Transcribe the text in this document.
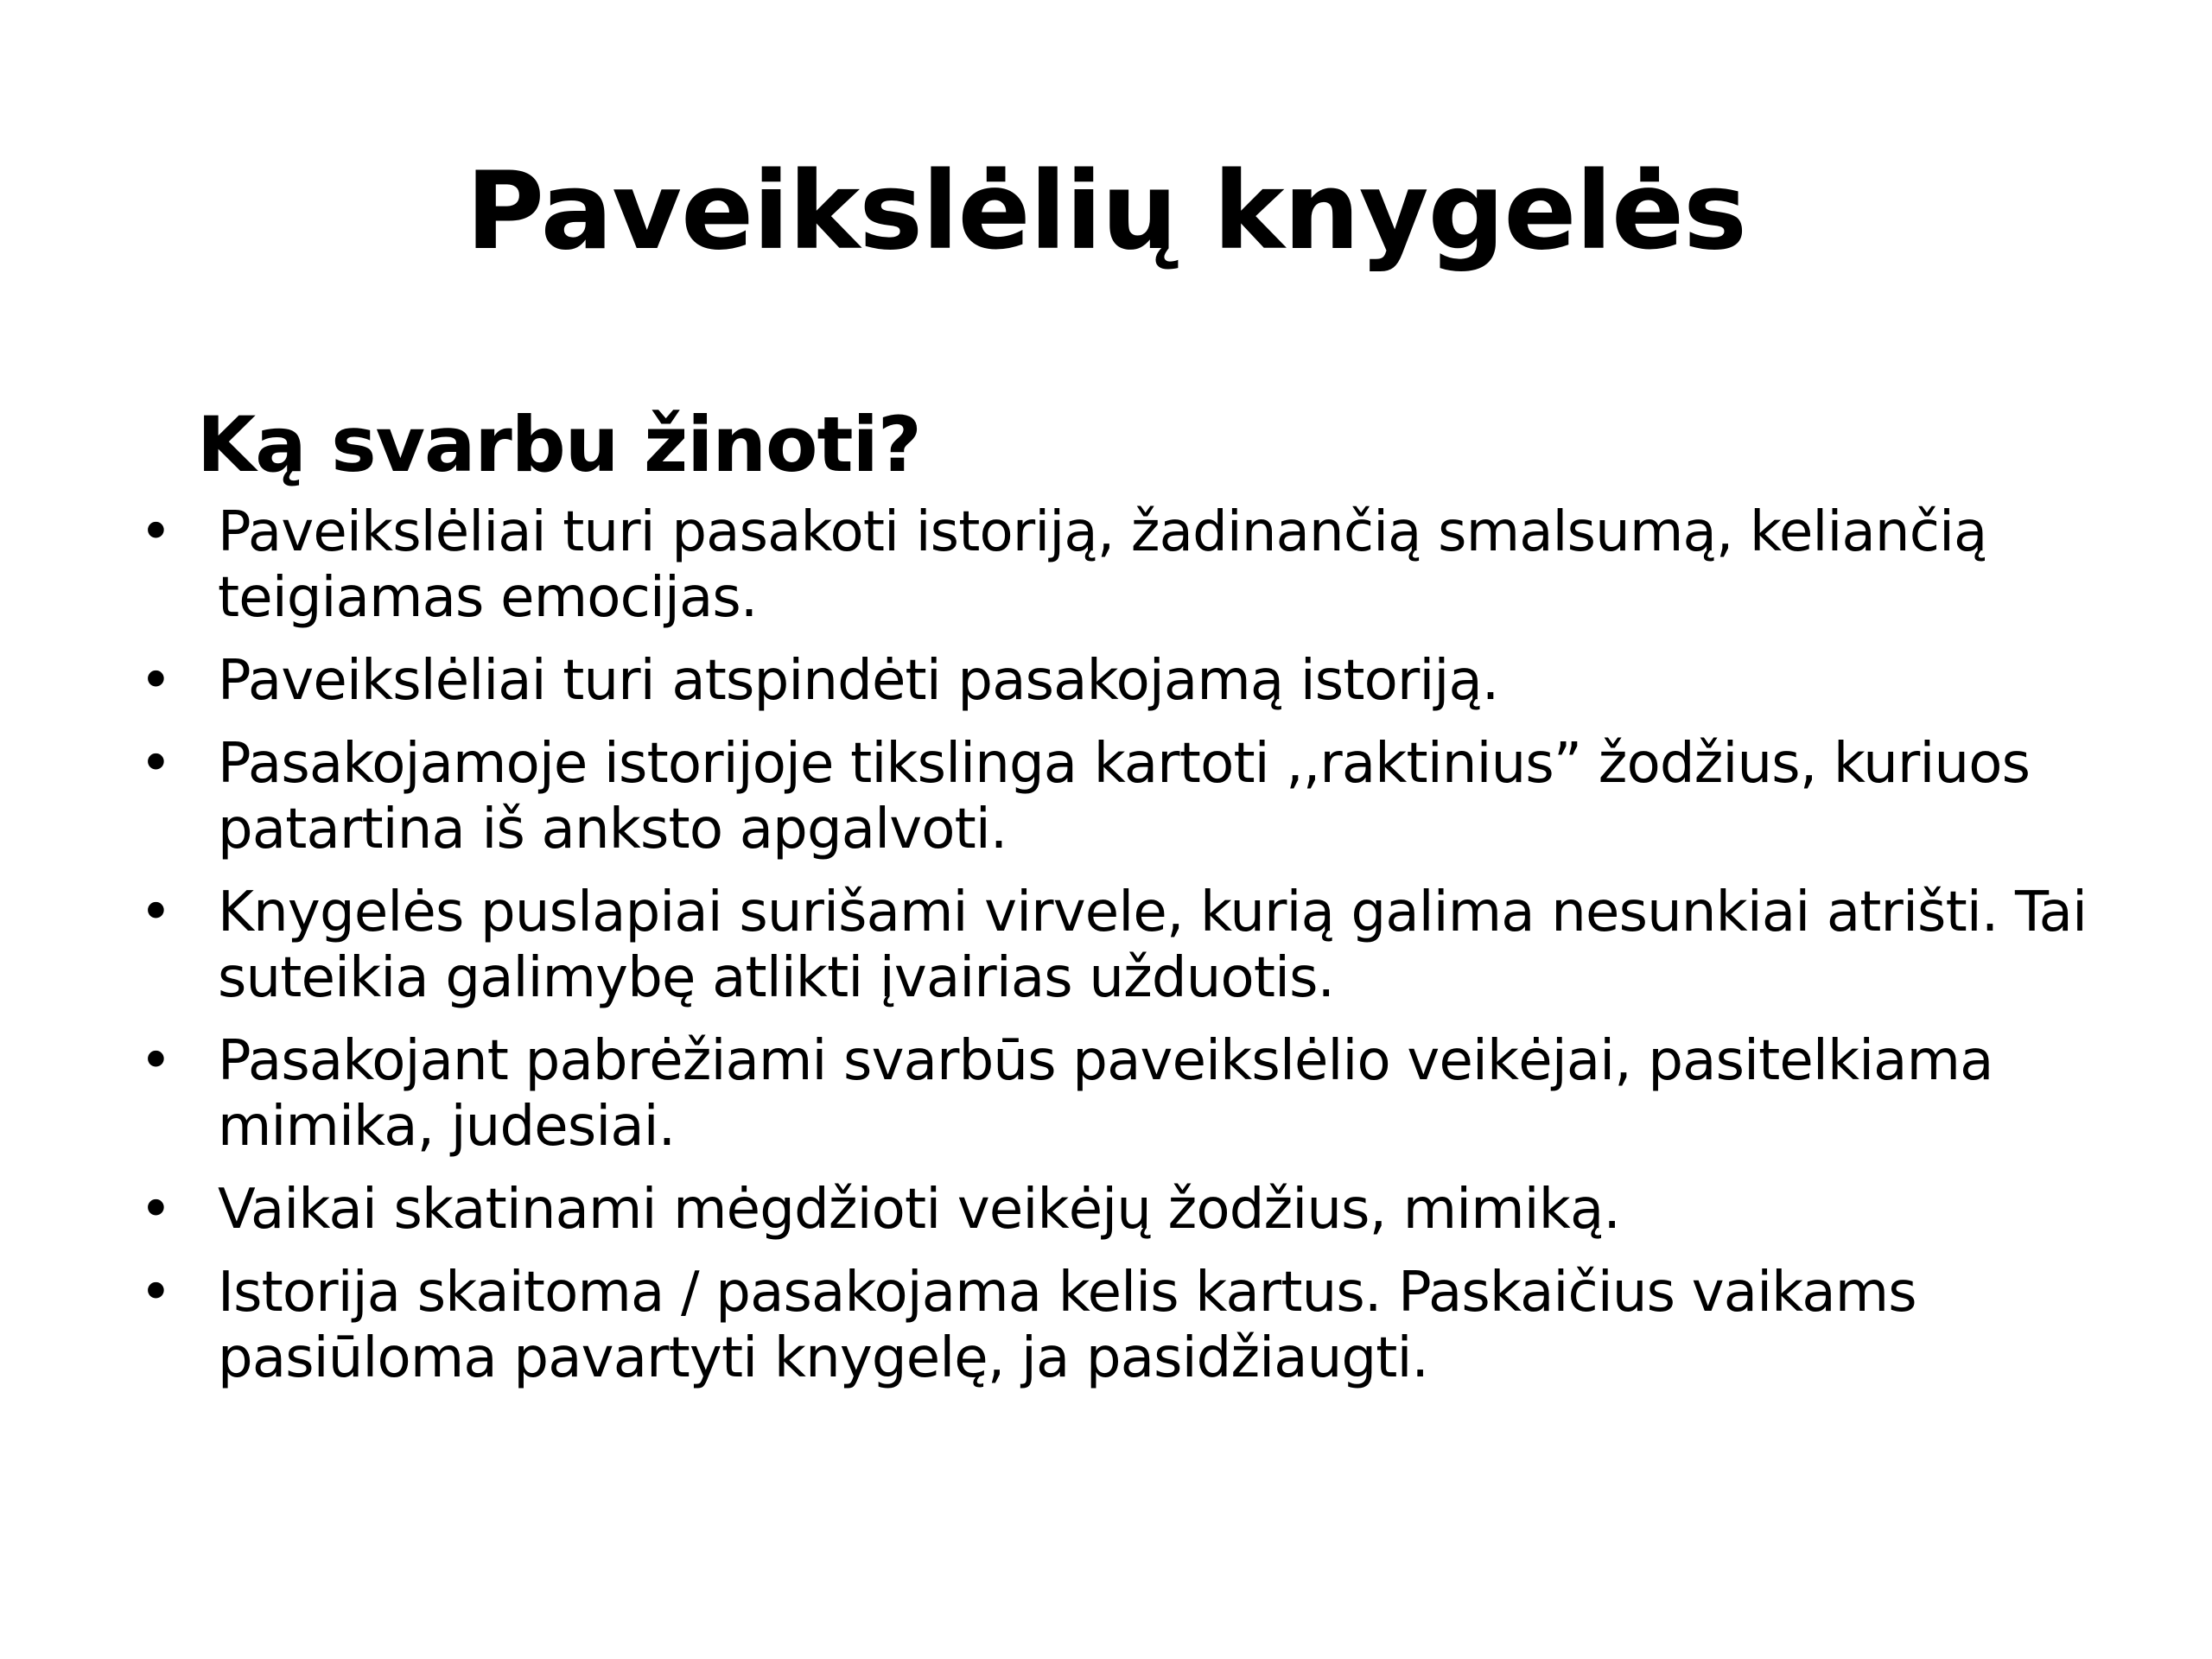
Paveikslėlių knygelės
Ką svarbu žinoti?
• Paveikslėliai turi pasakoti istoriją, žadinančią smalsumą, keliančią teigiamas emocijas.
• Paveikslėliai turi atspindėti pasakojamą istoriją.
• Pasakojamoje istorijoje tikslinga kartoti ,,raktinius” žodžius, kuriuos patartina iš anksto apgalvoti.
• Knygelės puslapiai surišami virvele, kurią galima nesunkiai atrišti. Tai suteikia galimybę atlikti įvairias užduotis.
• Pasakojant pabrėžiami svarbūs paveikslėlio veikėjai, pasitelkiama mimika, judesiai.
• Vaikai skatinami mėgdžioti veikėjų žodžius, mimiką.
• Istorija skaitoma / pasakojama kelis kartus. Paskaičius vaikams pasiūloma pavartyti knygelę, ja pasidžiaugti.
